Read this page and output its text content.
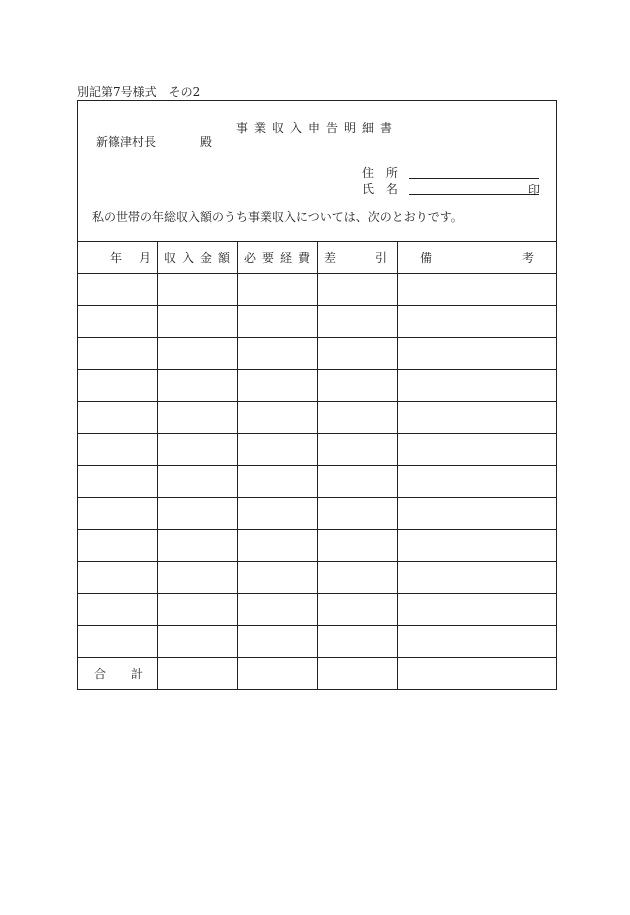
別記第7号様式　その2
事業収入申告明細書
新篠津村長	殿
住 所
氏 名	印
私の世帯の年総収入額のうち事業収入については、次のとおりです。
年 月	収入金額	必要経費	差 引	備 考

合 計				
